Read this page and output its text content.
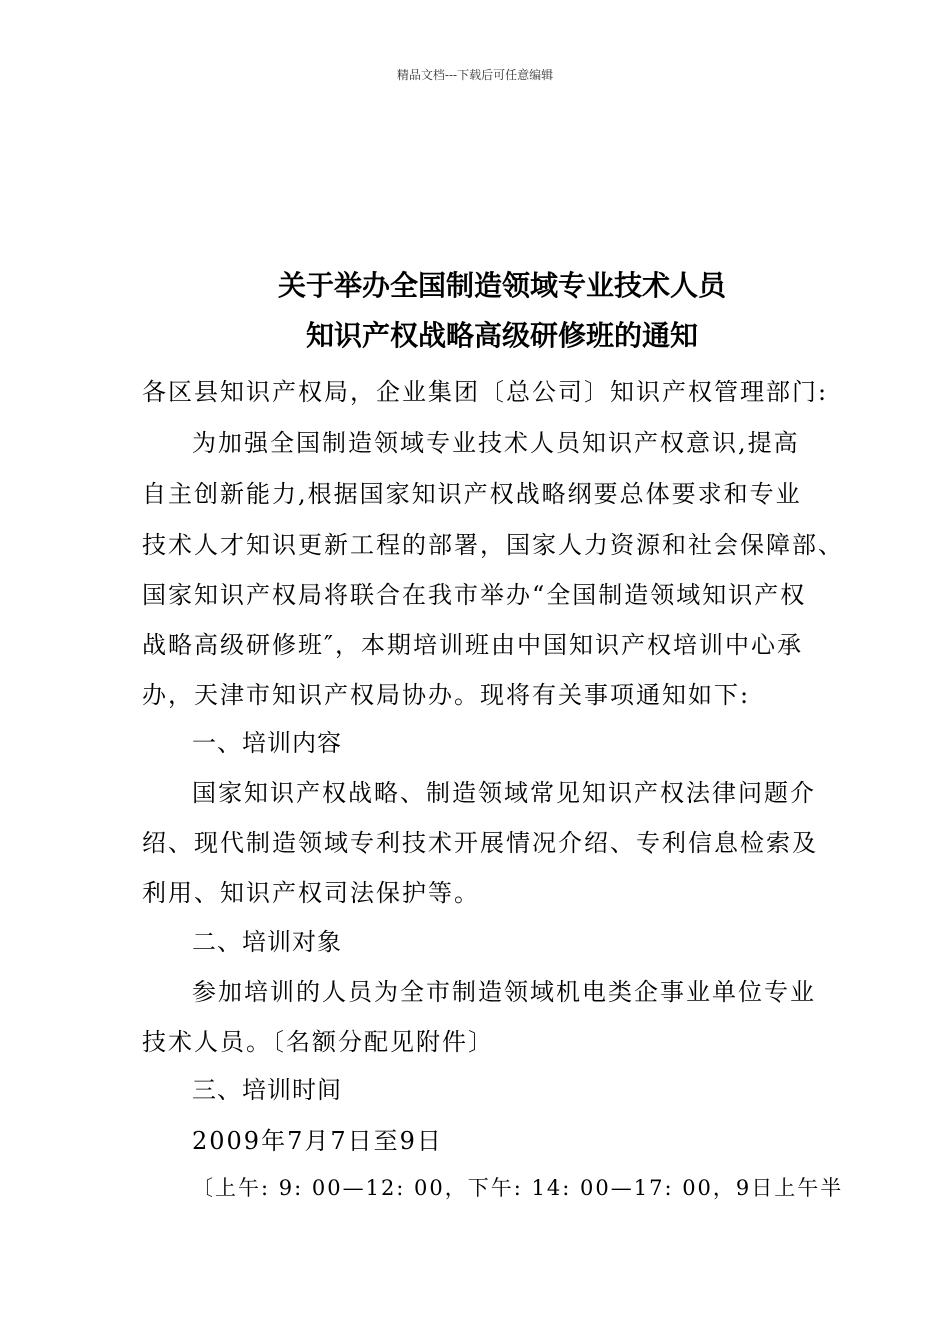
精品文档---下载后可任意编辑
关于举办全国制造领域专业技术人员
知识产权战略高级研修班的通知
各区县知识产权局，企业集团〔总公司〕知识产权管理部门:
为加强全国制造领域专业技术人员知识产权意识,提高
自主创新能力,根据国家知识产权战略纲要总体要求和专业
技术人才知识更新工程的部署，国家人力资源和社会保障部、
国家知识产权局将联合在我市举办“全国制造领域知识产权
战略高级研修班″，本期培训班由中国知识产权培训中心承
办，天津市知识产权局协办。现将有关事项通知如下:
一、培训内容
国家知识产权战略、制造领域常见知识产权法律问题介
绍、现代制造领域专利技术开展情况介绍、专利信息检索及
利用、知识产权司法保护等。
二、培训对象
参加培训的人员为全市制造领域机电类企事业单位专业
技术人员。〔名额分配见附件〕
三、培训时间
2009年7月7日至9日
〔上午: 9: 00—12: 00，下午: 14: 00—17: 00，9日上午半
